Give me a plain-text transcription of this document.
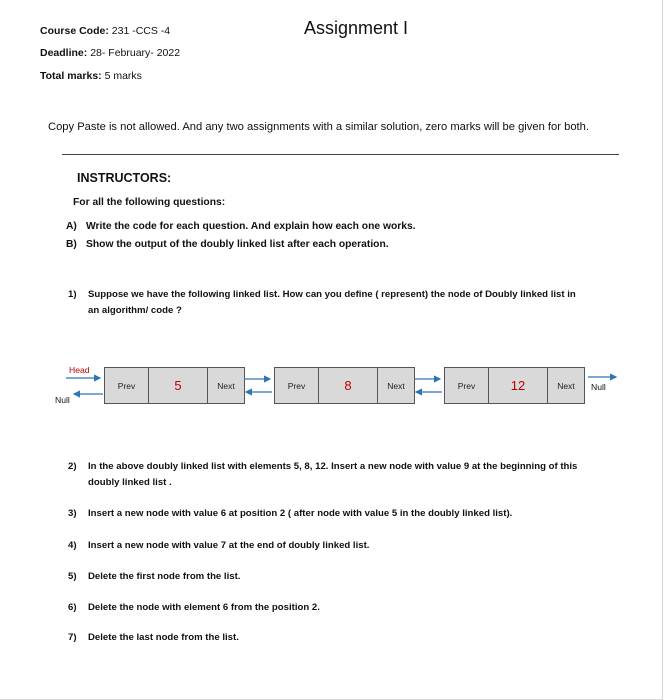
Course Code: 231 -CCS -4	Assignment I
Deadline: 28- February- 2022
Total marks: 5 marks
Copy Paste is not allowed. And any two assignments with a similar solution, zero marks will be given for both.
INSTRUCTORS:
For all the following questions:
A) Write the code for each question. And explain how each one works.
B) Show the output of the doubly linked list after each operation.
1) Suppose we have the following linked list. How can you define ( represent) the node of Doubly linked list in
an algorithm/ code ?
Head
Null
Prev	5	Next	Prev	8	Next	Prev	12	Next	Null
2) In the above doubly linked list with elements 5, 8, 12. Insert a new node with value 9 at the beginning of this
doubly linked list .
3) Insert a new node with value 6 at position 2 ( after node with value 5 in the doubly linked list).
4) Insert a new node with value 7 at the end of doubly linked list.
5) Delete the first node from the list.
6) Delete the node with element 6 from the position 2.
7) Delete the last node from the list.
